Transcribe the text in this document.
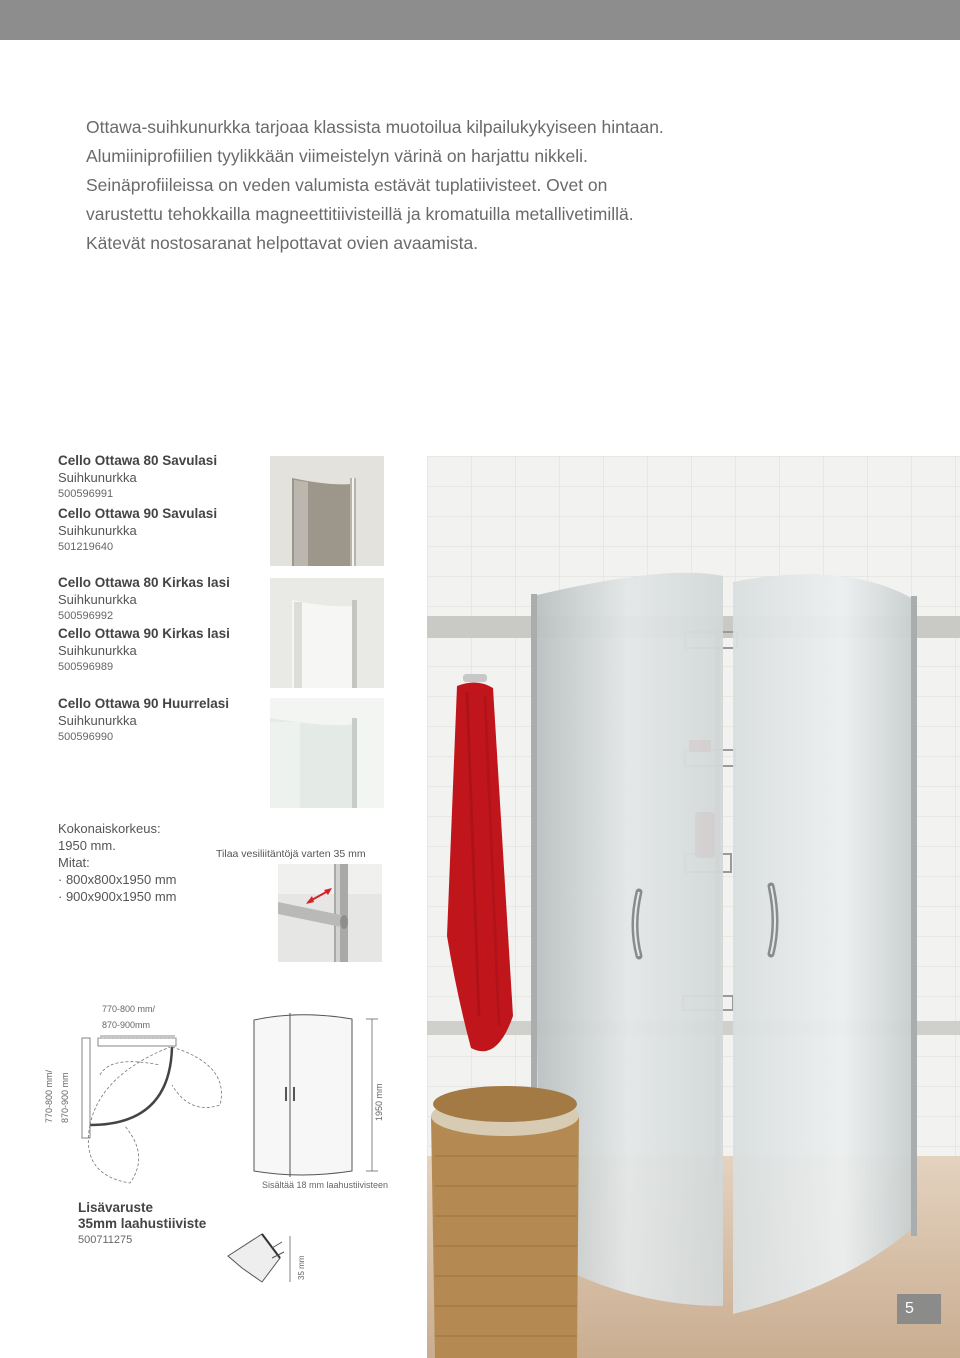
Ottawa-suihkunurkka tarjoaa klassista muotoilua kilpailukykyiseen hintaan. Alumiiniprofiilien tyylikkään viimeistelyn värinä on harjattu nikkeli. Seinäprofiileissa on veden valumista estävät tuplatiivisteet. Ovet on varustettu tehokkailla magneettitiivisteillä ja kromatuilla metallivetimillä. Kätevät nostosaranat helpottavat ovien avaamista.

Cello Ottawa 80 Savulasi
Suihkunurkka
500596991
Cello Ottawa 90 Savulasi
Suihkunurkka
501219640
Cello Ottawa 80 Kirkas lasi
Suihkunurkka
500596992
Cello Ottawa 90 Kirkas lasi
Suihkunurkka
500596989
Cello Ottawa 90 Huurrelasi
Suihkunurkka
500596990
Kokonaiskorkeus:
1950 mm.
Mitat:
· 800x800x1950 mm
· 900x900x1950 mm
Tilaa vesiliitäntöjä varten 35 mm
770-800 mm/
870-900mm
770-800 mm/ 870-900 mm	1950 mm
Sisältää 18 mm laahustiivisteen
Lisävaruste
35mm laahustiiviste
500711275
35 mm
5
